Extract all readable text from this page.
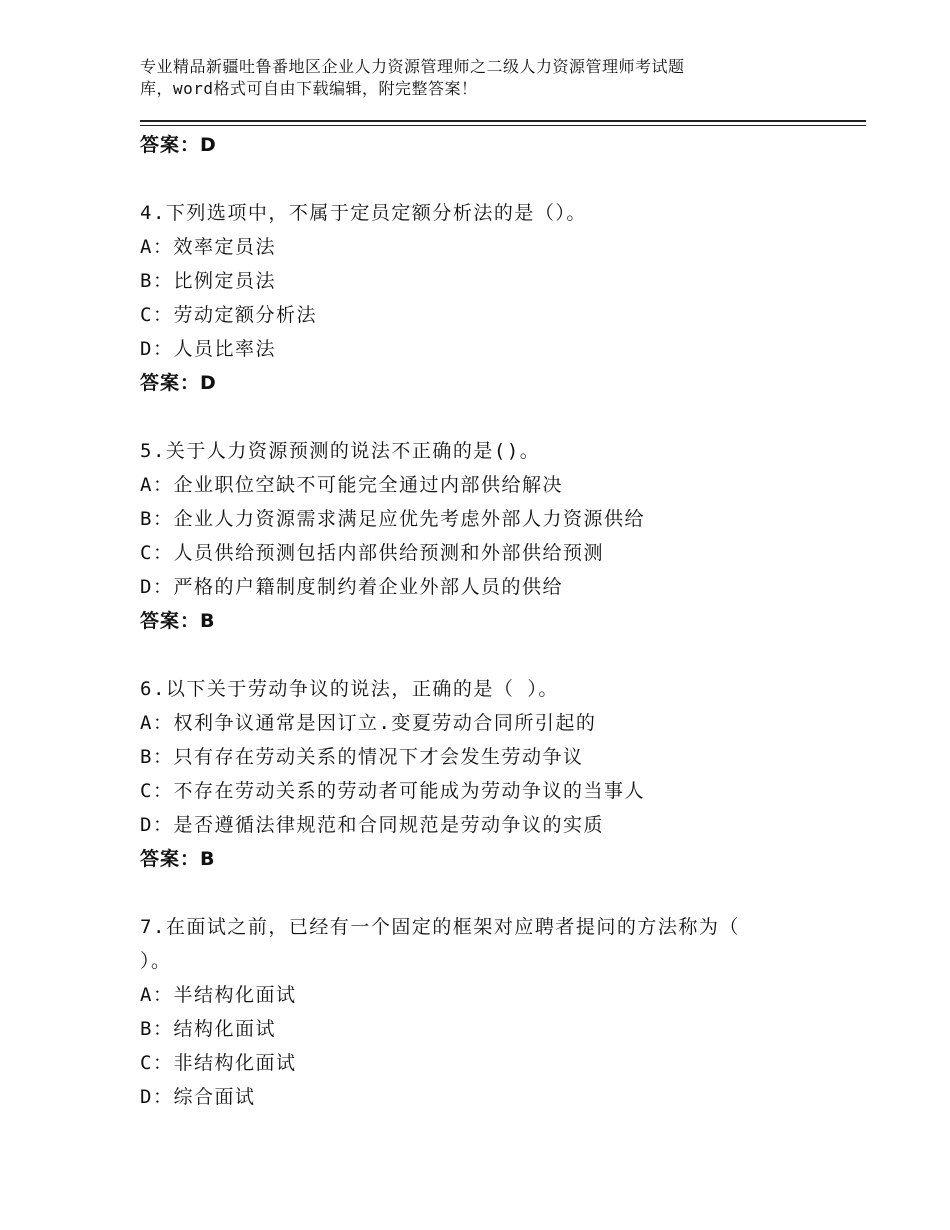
专业精品新疆吐鲁番地区企业人力资源管理师之二级人力资源管理师考试题
库，word格式可自由下载编辑，附完整答案！
答案：D
4.下列选项中，不属于定员定额分析法的是（）。
A：效率定员法
B：比例定员法
C：劳动定额分析法
D：人员比率法
答案：D
5.关于人力资源预测的说法不正确的是()。
A：企业职位空缺不可能完全通过内部供给解决
B：企业人力资源需求满足应优先考虑外部人力资源供给
C：人员供给预测包括内部供给预测和外部供给预测
D：严格的户籍制度制约着企业外部人员的供给
答案：B
6.以下关于劳动争议的说法，正确的是（ ）。
A：权利争议通常是因订立.变夏劳动合同所引起的
B：只有存在劳动关系的情况下才会发生劳动争议
C：不存在劳动关系的劳动者可能成为劳动争议的当事人
D：是否遵循法律规范和合同规范是劳动争议的实质
答案：B
7.在面试之前，已经有一个固定的框架对应聘者提问的方法称为（
）。
A：半结构化面试
B：结构化面试
C：非结构化面试
D：综合面试
